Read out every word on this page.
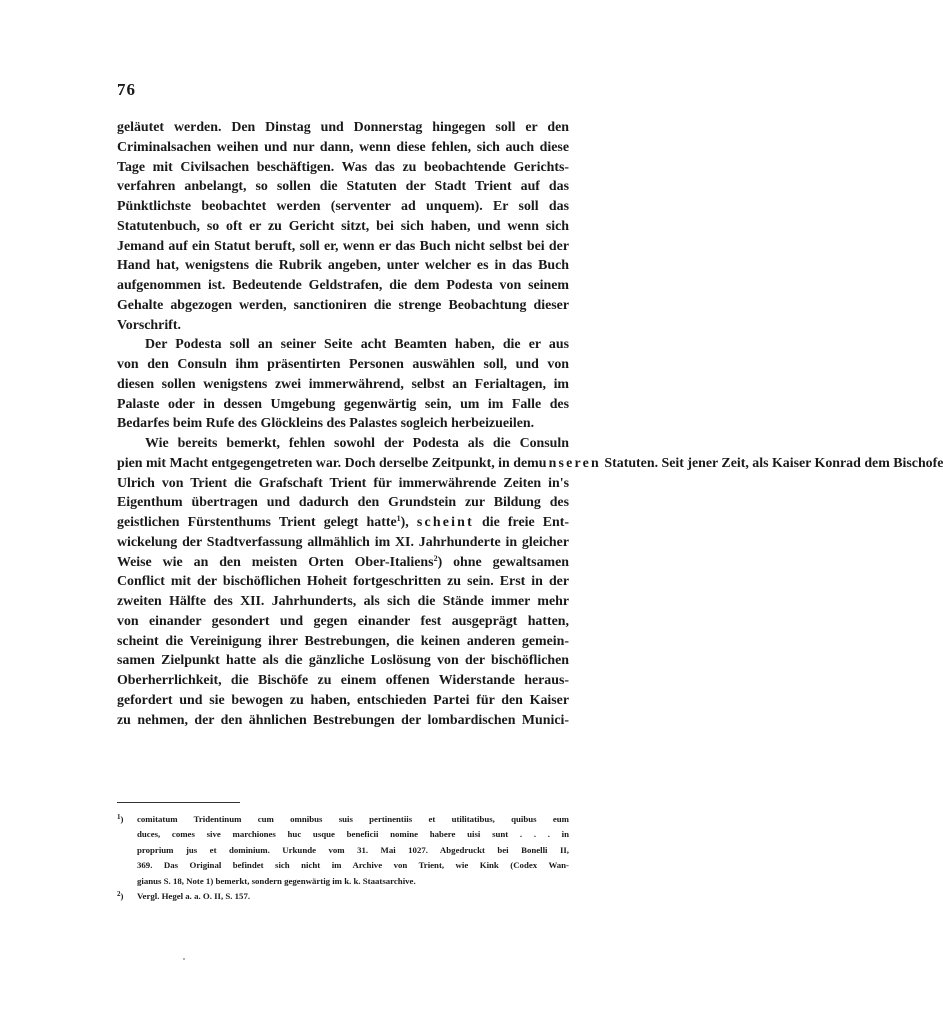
76
geläutet werden. Den Dinstag und Donnerstag hingegen soll er den
Criminalsachen weihen und nur dann, wenn diese fehlen, sich auch diese
Tage mit Civilsachen beschäftigen. Was das zu beobachtende Gerichts-
verfahren anbelangt, so sollen die Statuten der Stadt Trient auf das
Pünktlichste beobachtet werden (serventer ad unquem). Er soll das
Statutenbuch, so oft er zu Gericht sitzt, bei sich haben, und wenn sich
Jemand auf ein Statut beruft, soll er, wenn er das Buch nicht selbst bei der
Hand hat, wenigstens die Rubrik angeben, unter welcher es in das Buch
aufgenommen ist. Bedeutende Geldstrafen, die dem Podesta von seinem
Gehalte abgezogen werden, sanctioniren die strenge Beobachtung dieser
Vorschrift.
Der Podesta soll an seiner Seite acht Beamten haben, die er aus
von den Consuln ihm präsentirten Personen auswählen soll, und von
diesen sollen wenigstens zwei immerwährend, selbst an Ferialtagen, im
Palaste oder in dessen Umgebung gegenwärtig sein, um im Falle des
Bedarfes beim Rufe des Glöckleins des Palastes sogleich herbeizueilen.
Wie bereits bemerkt, fehlen sowohl der Podesta als die Consuln
pien mit Macht entgegengetreten war. Doch derselbe Zeitpunkt, in demunseren Statuten. Seit jener Zeit, als Kaiser Konrad dem Bischofe
Ulrich von Trient die Grafschaft Trient für immerwährende Zeiten in's
Eigenthum übertragen und dadurch den Grundstein zur Bildung des
geistlichen Fürstenthums Trient gelegt hatte$^1$), scheint die freie Ent-
wickelung der Stadtverfassung allmählich im XI. Jahrhunderte in gleicher
Weise wie an den meisten Orten Ober-Italiens$^2$) ohne gewaltsamen
Conflict mit der bischöflichen Hoheit fortgeschritten zu sein. Erst in der
zweiten Hälfte des XII. Jahrhunderts, als sich die Stände immer mehr
von einander gesondert und gegen einander fest ausgeprägt hatten,
scheint die Vereinigung ihrer Bestrebungen, die keinen anderen gemein-
samen Zielpunkt hatte als die gänzliche Loslösung von der bischöflichen
Oberherrlichkeit, die Bischöfe zu einem offenen Widerstande heraus-
gefordert und sie bewogen zu haben, entschieden Partei für den Kaiser
zu nehmen, der den ähnlichen Bestrebungen der lombardischen Munici-
$^1$) comitatum Tridentinum cum omnibus suis pertinentiis et utilitatibus, quibus eum
duces, comes sive marchiones huc usque beneficii nomine habere uisi sunt . . . in
proprium jus et dominium. Urkunde vom 31. Mai 1027. Abgedruckt bei Bonelli II,
369. Das Original befindet sich nicht im Archive von Trient, wie Kink (Codex Wan-
gianus S. 18, Note 1) bemerkt, sondern gegenwärtig im k. k. Staatsarchive.
$^2$) Vergl. Hegel a. a. O. II, S. 157.
